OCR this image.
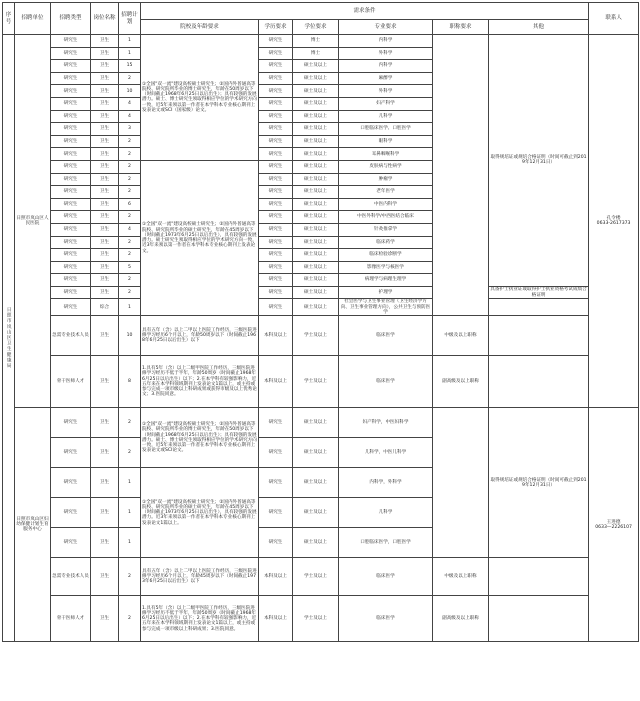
序号	招聘单位	招聘类型	岗位名称	招聘计划	需求条件						联系人
					院校及年龄要求	学历要求	学位要求	专业要求	职称要求	其他	
日照市岚山区卫生健康局	日照市岚山区人民医院	研究生	卫生	1	①全国"双一流"建设高校硕士研究生；②国内外普通高等院校、研究院所毕业的博士研究生，年龄在50周岁以下（时间截止1968年6月25日以后出生）；具有较强的发展潜力。硕士、博士研究生须取得相应学位的学术研究方向一致，近5年来须以第一作者在本学科本专业核心期刊上发表论文或SCI（国家级）论文。	研究生	博士	内科学		取得规培证或规培合格证明（时间可截止到2019年12月31日）	孔令楼
0633-2617373
		研究生	卫生	1		研究生	博士	外科学			
		研究生	卫生	15		研究生	硕士及以上	内科学			
		研究生	卫生	2		研究生	硕士及以上	麻醉学			
		研究生	卫生	10		研究生	硕士及以上	外科学			
		研究生	卫生	4		研究生	硕士及以上	妇产科学			
		研究生	卫生	4		研究生	硕士及以上	儿科学			
		研究生	卫生	3		研究生	硕士及以上	口腔临床医学、口腔医学			
		研究生	卫生	2		研究生	硕士及以上	眼科学			
		研究生	卫生	2		研究生	硕士及以上	耳鼻咽喉科学			
		研究生	卫生	2	①全国"双一流"建设高校硕士研究生；②国内外普通高等院校、研究院所毕业的硕士研究生，年龄在45周岁以下（时间截止1973年6月25日以后出生），具有较强的发展潜力。硕士研究生须取得相应学位的学术研究方向一致，近3年来须以第一作者在本学科本专业核心期刊上发表论文。	研究生	硕士及以上	皮肤病与性病学			
		研究生	卫生	2		研究生	硕士及以上	肿瘤学			
		研究生	卫生	2		研究生	硕士及以上	老年医学			
		研究生	卫生	6		研究生	硕士及以上	中医内科学			
		研究生	卫生	2		研究生	硕士及以上	中医外科学/中西医结合临床			
		研究生	卫生	4		研究生	硕士及以上	针灸推拿学			
		研究生	卫生	2		研究生	硕士及以上	临床药学			
		研究生	卫生	2		研究生	硕士及以上	临床检验诊断学			
		研究生	卫生	5		研究生	硕士及以上	影像医学与核医学			
		研究生	卫生	2		研究生	硕士及以上	病理学与病理生理学			
		研究生	卫生	2		研究生	硕士及以上	护理学		具备护士执业证或取得护士执业资格考试成绩合格证明	
		研究生	综合	1		研究生	硕士及以上	社会医学与卫生事业管理（卫生经济学方向、卫生事业管理方向），公共卫生与预防医学			
		急需专业技术人员	卫生	10	具有五年（含）以上二甲以上医院工作经历，三级医院进修学习经历6个月以上，年龄50周岁以下（时间截止1968年6月25日以后出生）以下	本科及以上	学士及以上	临床医学	中级及以上职称		
		骨干医师人才	卫生	8	1.具有5年（含）以上二级甲医院工作经历，三级医院进修学习经历不低于半年，年龄50周岁（时间截止1968年6月25日以后出生）以下；2.在本学科有较强影响力，近五年来在本学科领域期刊上发表论文1篇以上，或主持或参与完成一项市级以上科研成果或获得市级及以上优秀论文；3.医院同意。	本科及以上	学士及以上	临床医学	副高级及以上职称		
	日照市岚山区妇幼保健计划生育服务中心	研究生	卫生	2	①全国"双一流"建设高校硕士研究生；②国内外普通高等院校、研究院所毕业的博士研究生，年龄在50周岁以下（时间截止1968年6月25日以后出生）；具有较强的发展潜力。硕士、博士研究生须取得相应学位的学术研究方向一致，近5年来须以第一作者在本学科本专业核心期刊上发表论文或SCI论文。	研究生	硕士及以上	妇产科学，中医妇科学		取得规培证或规培合格证明（时间可截止到2019年12月31日）	王进德
0633—2226107
		研究生	卫生	2		研究生	硕士及以上	儿科学，中医儿科学			
		研究生	卫生	1	①全国"双一流"建设高校硕士研究生；②国内外普通高等院校、研究院所毕业的硕士研究生，年龄在45周岁以下（时间截止1973年6月25日以后出生），具有较强的发展潜力。近3年来须以第一作者在本学科本专业核心期刊上发表论文1篇以上。	研究生	硕士及以上	内科学，外科学			
		研究生	卫生	1		研究生	硕士及以上	儿科学			
		研究生	卫生	1		研究生	硕士及以上	口腔临床医学，口腔医学			
		急需专业技术人员	卫生	2	具有五年（含）以上二甲以上医院工作经历，三级医院进修学习经历6个月以上，年龄45周岁以下（时间截止1973年6月25日以后出生）以下	本科及以上	学士及以上	临床医学	中级及以上职称		
		骨干医师人才	卫生	2	1.具有5年（含）以上二级甲医院工作经历，三级医院进修学习经历不低于半年，年龄50周岁（时间截止1968年6月25日以后出生）以下；2.在本学科有较强影响力，近五年来在本学科领域期刊上发表论文1篇以上，或主持或参与完成一项市级以上科研成果；3.医院同意。	本科及以上	学士及以上	临床医学	副高级及以上职称		
